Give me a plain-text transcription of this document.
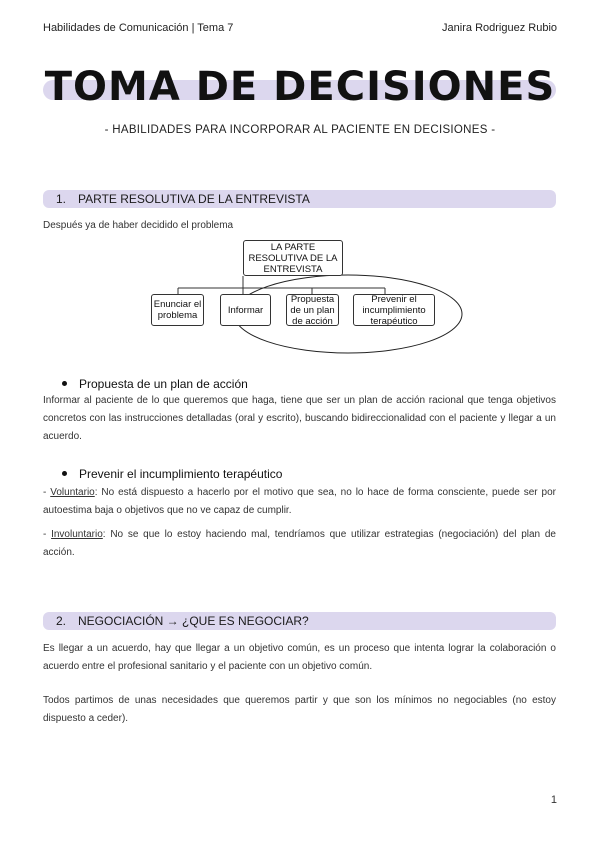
Habilidades de Comunicación | Tema 7	Janira Rodriguez Rubio
TOMA DE DECISIONES
- HABILIDADES PARA INCORPORAR AL PACIENTE EN DECISIONES -
1. PARTE RESOLUTIVA DE LA ENTREVISTA
Después ya de haber decidido el problema
LA PARTE RESOLUTIVA DE LA ENTREVISTA
Enunciar el problema	Informar
Propuesta de un plan de acción
Prevenir el incumplimiento terapéutico
Propuesta de un plan de acción
Informar al paciente de lo que queremos que haga, tiene que ser un plan de acción racional que tenga objetivos concretos con las instrucciones detalladas (oral y escrito), buscando bidireccionalidad con el paciente y llegar a un acuerdo.
Prevenir el incumplimiento terapéutico
- Voluntario: No está dispuesto a hacerlo por el motivo que sea, no lo hace de forma consciente, puede ser por autoestima baja o objetivos que no ve capaz de cumplir.
- Involuntario: No se que lo estoy haciendo mal, tendríamos que utilizar estrategias (negociación) del plan de acción.
2. NEGOCIACIÓN → ¿QUE ES NEGOCIAR?
Es llegar a un acuerdo, hay que llegar a un objetivo común, es un proceso que intenta lograr la colaboración o acuerdo entre el profesional sanitario y el paciente con un objetivo común.
Todos partimos de unas necesidades que queremos partir y que son los mínimos no negociables (no estoy dispuesto a ceder).
1
